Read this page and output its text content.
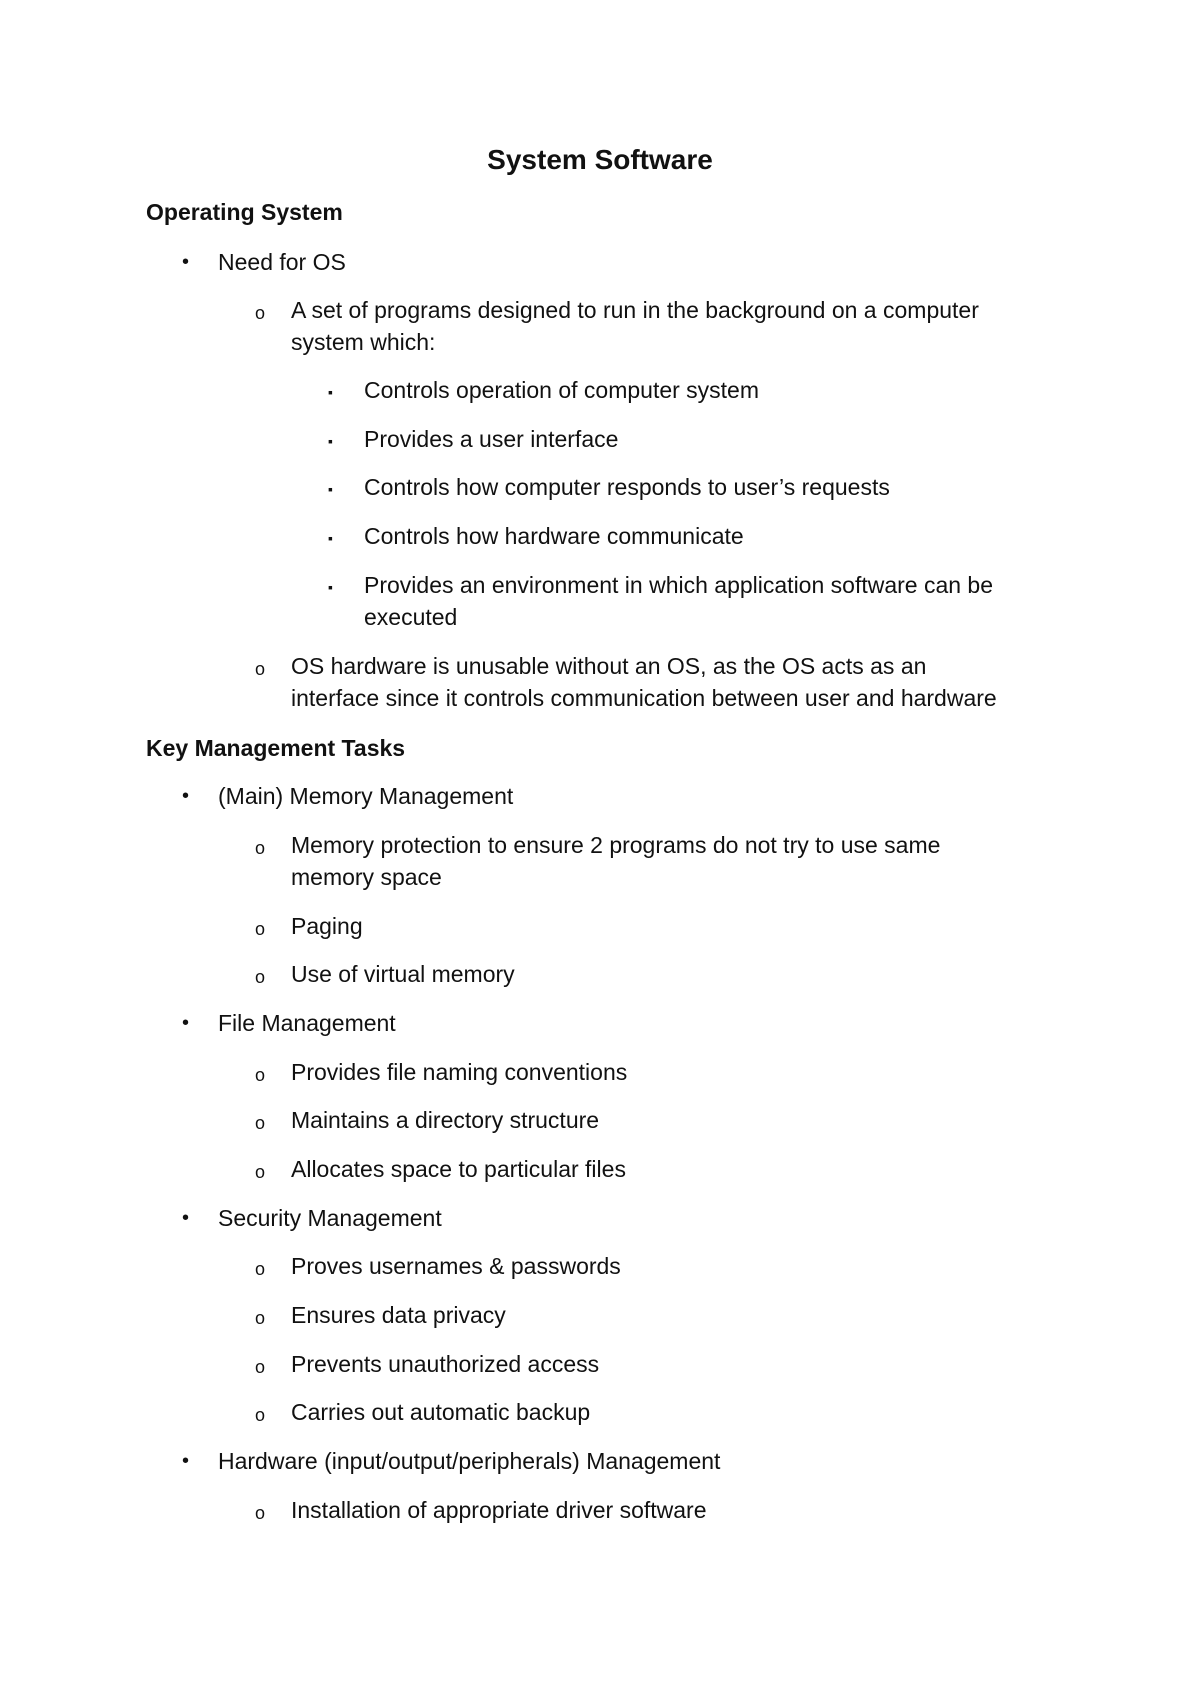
System Software
Operating System
• Need for OS
o A set of programs designed to run in the background on a computer
system which:
▪ Controls operation of computer system
▪ Provides a user interface
▪ Controls how computer responds to user’s requests
▪ Controls how hardware communicate
▪ Provides an environment in which application software can be
executed
o OS hardware is unusable without an OS, as the OS acts as an
interface since it controls communication between user and hardware
Key Management Tasks
• (Main) Memory Management
o Memory protection to ensure 2 programs do not try to use same
memory space
o Paging
o Use of virtual memory
• File Management
o Provides file naming conventions
o Maintains a directory structure
o Allocates space to particular files
• Security Management
o Proves usernames & passwords
o Ensures data privacy
o Prevents unauthorized access
o Carries out automatic backup
• Hardware (input/output/peripherals) Management
o Installation of appropriate driver software
